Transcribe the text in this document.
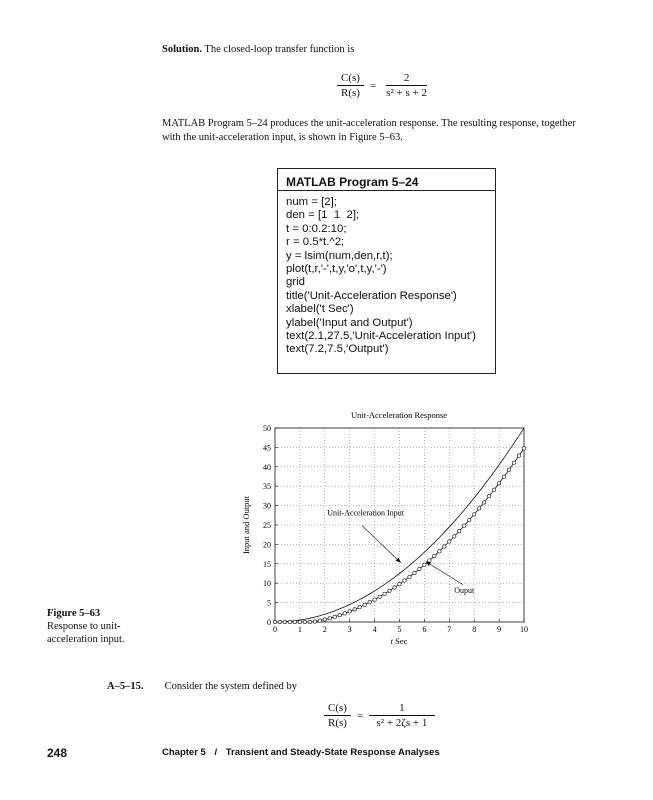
Solution. The closed-loop transfer function is
$\frac{C(s)}{R(s)} = \frac{2}{\text{s² + s + 2}}$
MATLAB Program 5–24 produces the unit-acceleration response. The resulting response, together
with the unit-acceleration input, is shown in Figure 5–63.
MATLAB Program 5–24
num = [2];
den = [1  1  2];
t = 0:0.2:10;
r = 0.5*t.^2;
y = lsim(num,den,r,t);
plot(t,r,'-',t,y,'o',t,y,'-')
grid
title('Unit-Acceleration Response')
xlabel('t Sec')
ylabel('Input and Output')
text(2.1,27.5,'Unit-Acceleration Input')
text(7.2,7.5,'Output')
Figure 5–63
Response to unit-
acceleration input.
Unit-Acceleration Response
0	1	2	3	4	5	6	7	8	9 10
0
5
10
15
20
25
30
35
40
45
50
Unit-Acceleration Input
Ouput
t Sec
Input and Output
A–5–15. Consider the system defined by
$\frac{C(s)}{R(s)} = \frac{1}{\text{s² + 2ζs + 1}}$
248	Chapter 5 / Transient and Steady-State Response Analyses
